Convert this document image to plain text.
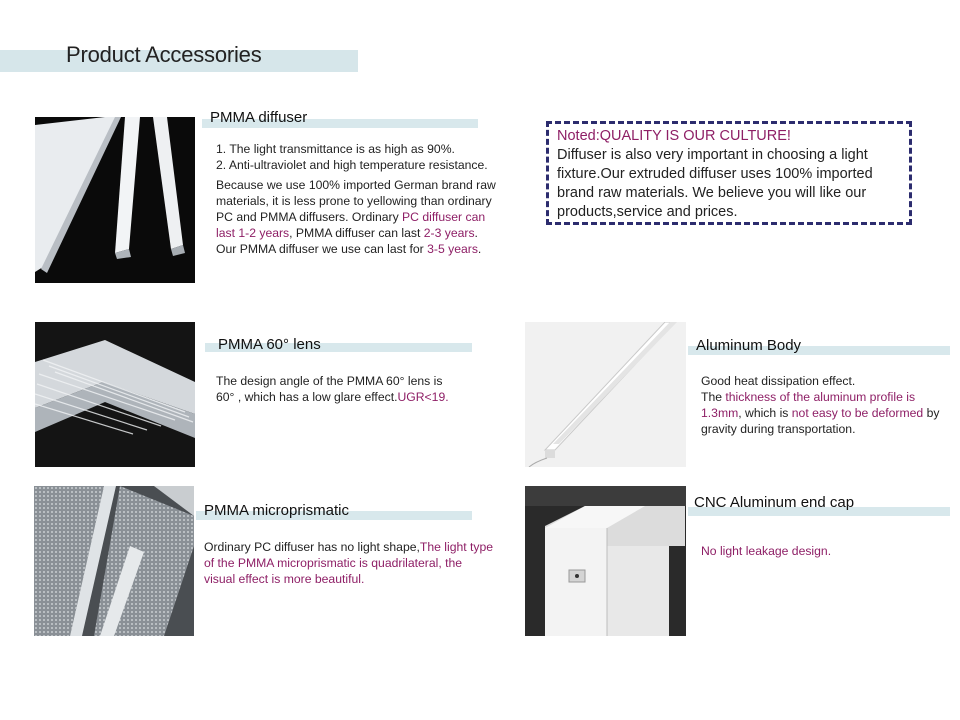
Product Accessories
PMMA diffuser

1. The light transmittance is as high as 90%.

2. Anti-ultraviolet and high temperature resistance.

Because we use 100% imported German brand raw materials, it is less prone to yellowing than ordinary PC and PMMA diffusers. Ordinary PC diffuser can last 1-2 years, PMMA diffuser can last 2-3 years. Our PMMA diffuser we use can last for 3-5 years.

Noted:QUALITY IS OUR CULTURE!
Diffuser is also very important in choosing a light fixture.Our extruded diffuser uses 100% imported brand raw materials. We believe you will like our products,service and prices.
PMMA 60° lens

The design angle of the PMMA 60° lens is 60° , which has a low glare effect.UGR<19.

PMMA microprismatic

Ordinary PC diffuser has no light shape,The light type of the PMMA microprismatic is quadrilateral, the visual effect is more beautiful.

Aluminum Body

Good heat dissipation effect.
The thickness of the aluminum profile is 1.3mm, which is not easy to be deformed by gravity during transportation.

CNC Aluminum end cap

No light leakage design.
